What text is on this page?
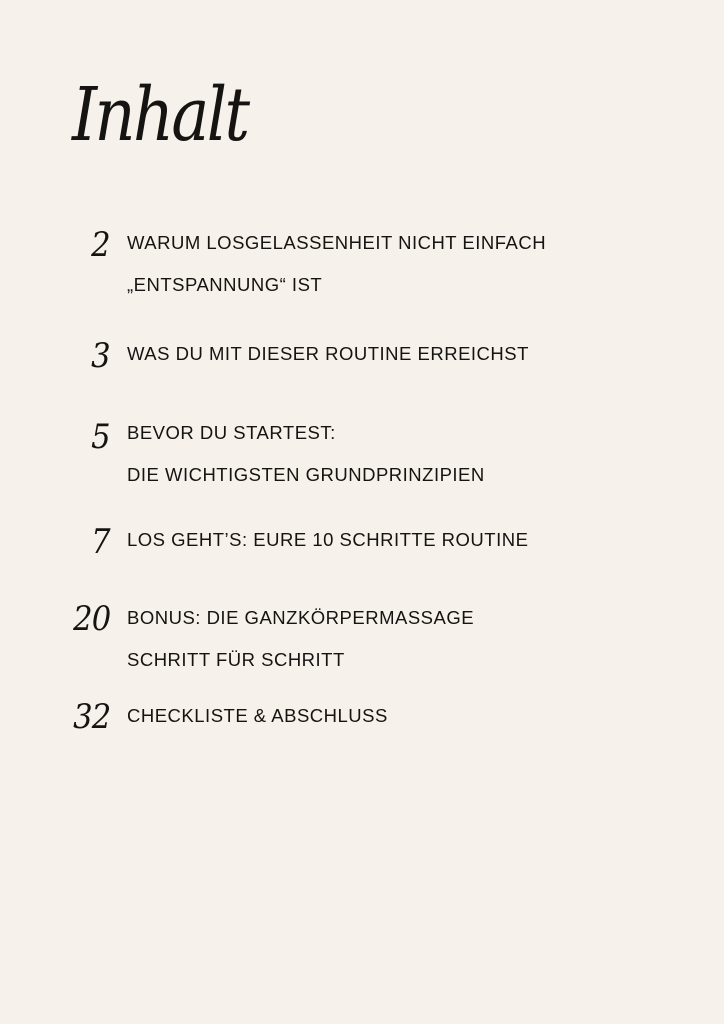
Inhalt
2 WARUM LOSGELASSENHEIT NICHT EINFACH
„ENTSPANNUNG“ IST
3 WAS DU MIT DIESER ROUTINE ERREICHST
5 BEVOR DU STARTEST:
DIE WICHTIGSTEN GRUNDPRINZIPIEN
7 LOS GEHT’S: EURE 10 SCHRITTE ROUTINE
20 BONUS: DIE GANZKÖRPERMASSAGE
SCHRITT FÜR SCHRITT
32 CHECKLISTE & ABSCHLUSS
